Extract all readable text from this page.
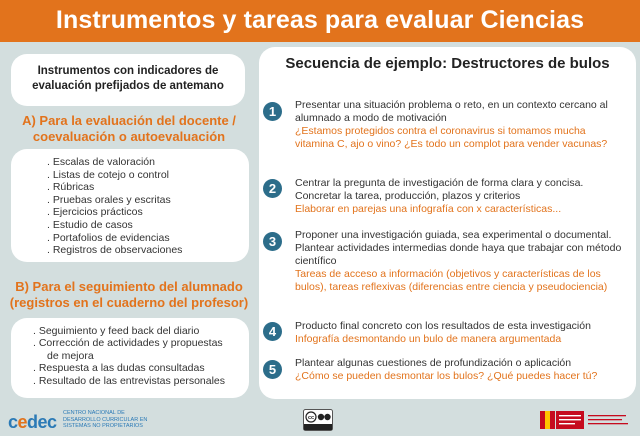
Instrumentos y tareas para evaluar Ciencias
Instrumentos con indicadores de evaluación prefijados de antemano
A) Para la evaluación del docente / coevaluación o autoevaluación
. Escalas de valoración
. Listas de cotejo o control
. Rúbricas
. Pruebas orales y escritas
. Ejercicios prácticos
. Estudio de casos
. Portafolios de evidencias
. Registros de observaciones
B) Para el seguimiento del alumnado (registros en el cuaderno del profesor)
. Seguimiento y feed back del diario
. Corrección de actividades y propuestas
de mejora
. Respuesta a las dudas consultadas
. Resultado de las entrevistas personales
Secuencia de ejemplo: Destructores de bulos
1	Presentar una situación problema o reto, en un contexto cercano al alumnado a modo de motivación
¿Estamos protegidos contra el coronavirus si tomamos mucha vitamina C, ajo o vino? ¿Es todo un complot para vender vacunas?
2	Centrar la pregunta de investigación de forma clara y concisa. Concretar la tarea, producción, plazos y criterios
Elaborar en parejas una infografía con x características...
3	Proponer una investigación guiada, sea experimental o documental. Plantear actividades intermedias donde haya que trabajar con método científico
Tareas de acceso a información (objetivos y características de los bulos), tareas reflexivas (diferencias entre ciencia y pseudociencia)
4	Producto final concreto con los resultados de esta investigación
Infografía desmontando un bulo de manera argumentada
5	Plantear algunas cuestiones de profundización o aplicación
¿Cómo se pueden desmontar los bulos? ¿Qué puedes hacer tú?
cedec CENTRO NACIONAL DE DESARROLLO CURRICULAR EN SISTEMAS NO PROPIETARIOS
cc
